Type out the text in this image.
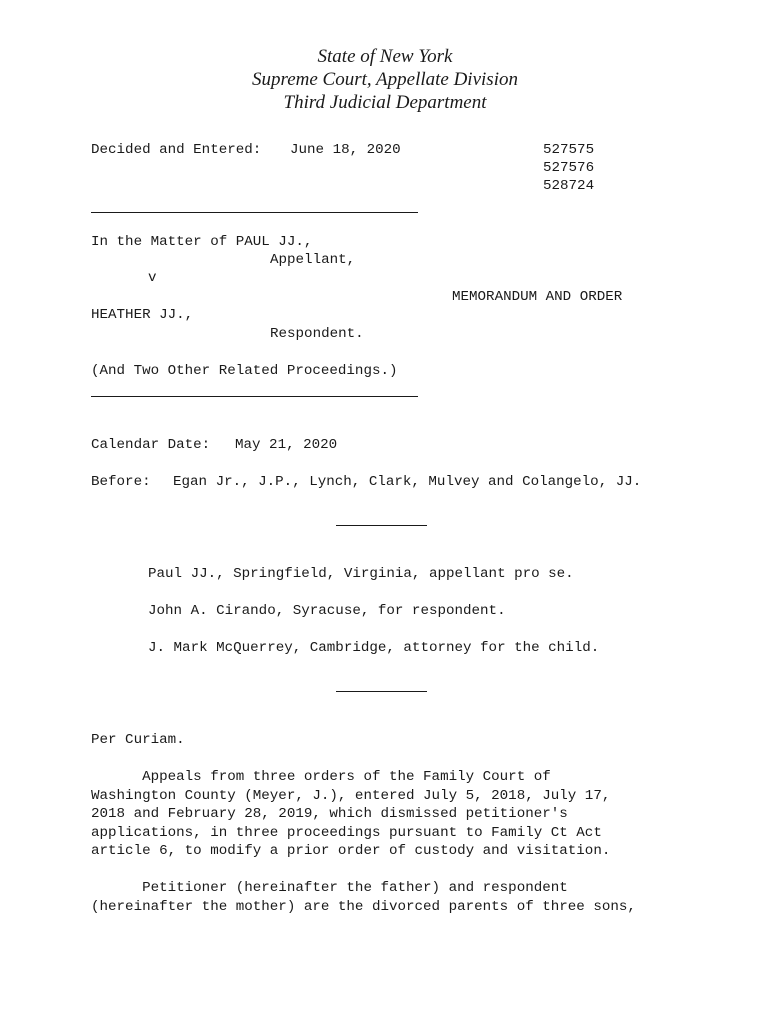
State of New York
Supreme Court, Appellate Division
Third Judicial Department
Decided and Entered: June 18, 2020	527575
527576
528724
In the Matter of PAUL JJ.,
Appellant,
v
MEMORANDUM AND ORDER
HEATHER JJ.,
Respondent.
(And Two Other Related Proceedings.)
Calendar Date: May 21, 2020
Before: Egan Jr., J.P., Lynch, Clark, Mulvey and Colangelo, JJ.
Paul JJ., Springfield, Virginia, appellant pro se.
John A. Cirando, Syracuse, for respondent.
J. Mark McQuerrey, Cambridge, attorney for the child.
Per Curiam.
Appeals from three orders of the Family Court of
Washington County (Meyer, J.), entered July 5, 2018, July 17,
2018 and February 28, 2019, which dismissed petitioner's
applications, in three proceedings pursuant to Family Ct Act
article 6, to modify a prior order of custody and visitation.
Petitioner (hereinafter the father) and respondent
(hereinafter the mother) are the divorced parents of three sons,
